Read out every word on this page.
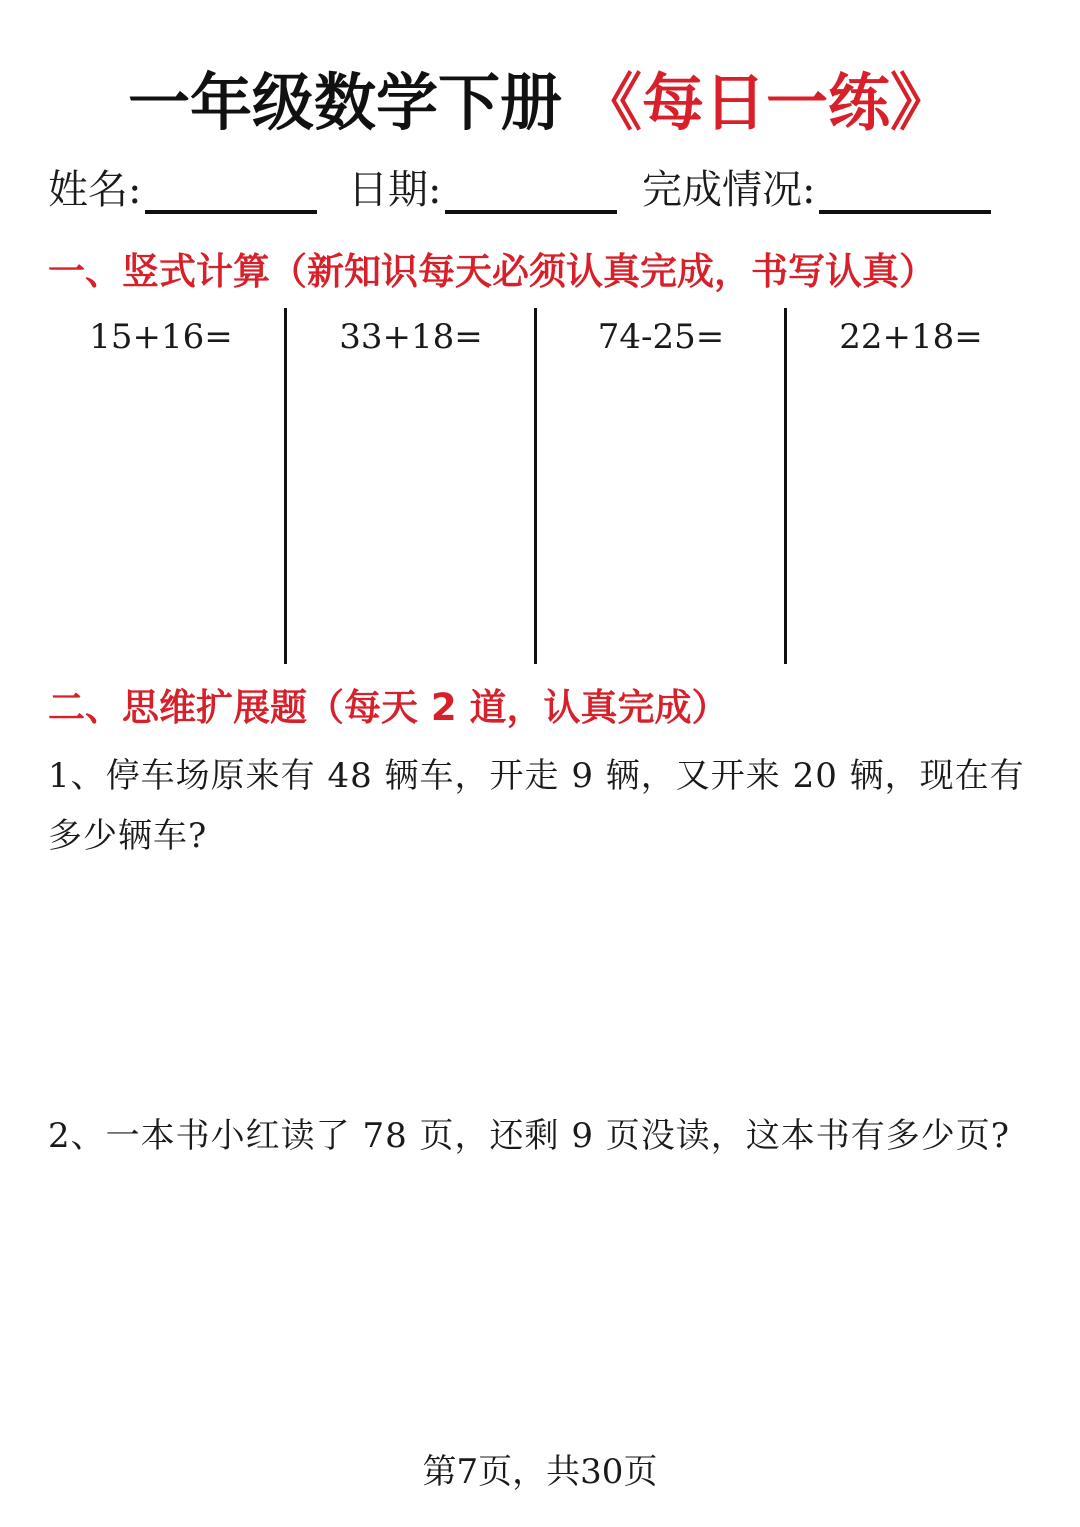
一年级数学下册 《每日一练》
姓名:	日期:	完成情况:
一、竖式计算（新知识每天必须认真完成，书写认真）
15+16=	33+18=	74-25=	22+18=
二、思维扩展题（每天 2 道，认真完成）
1、停车场原来有 48 辆车，开走 9 辆，又开来 20 辆，现在有多少辆车?
2、一本书小红读了 78 页，还剩 9 页没读，这本书有多少页?
第7页，共30页
